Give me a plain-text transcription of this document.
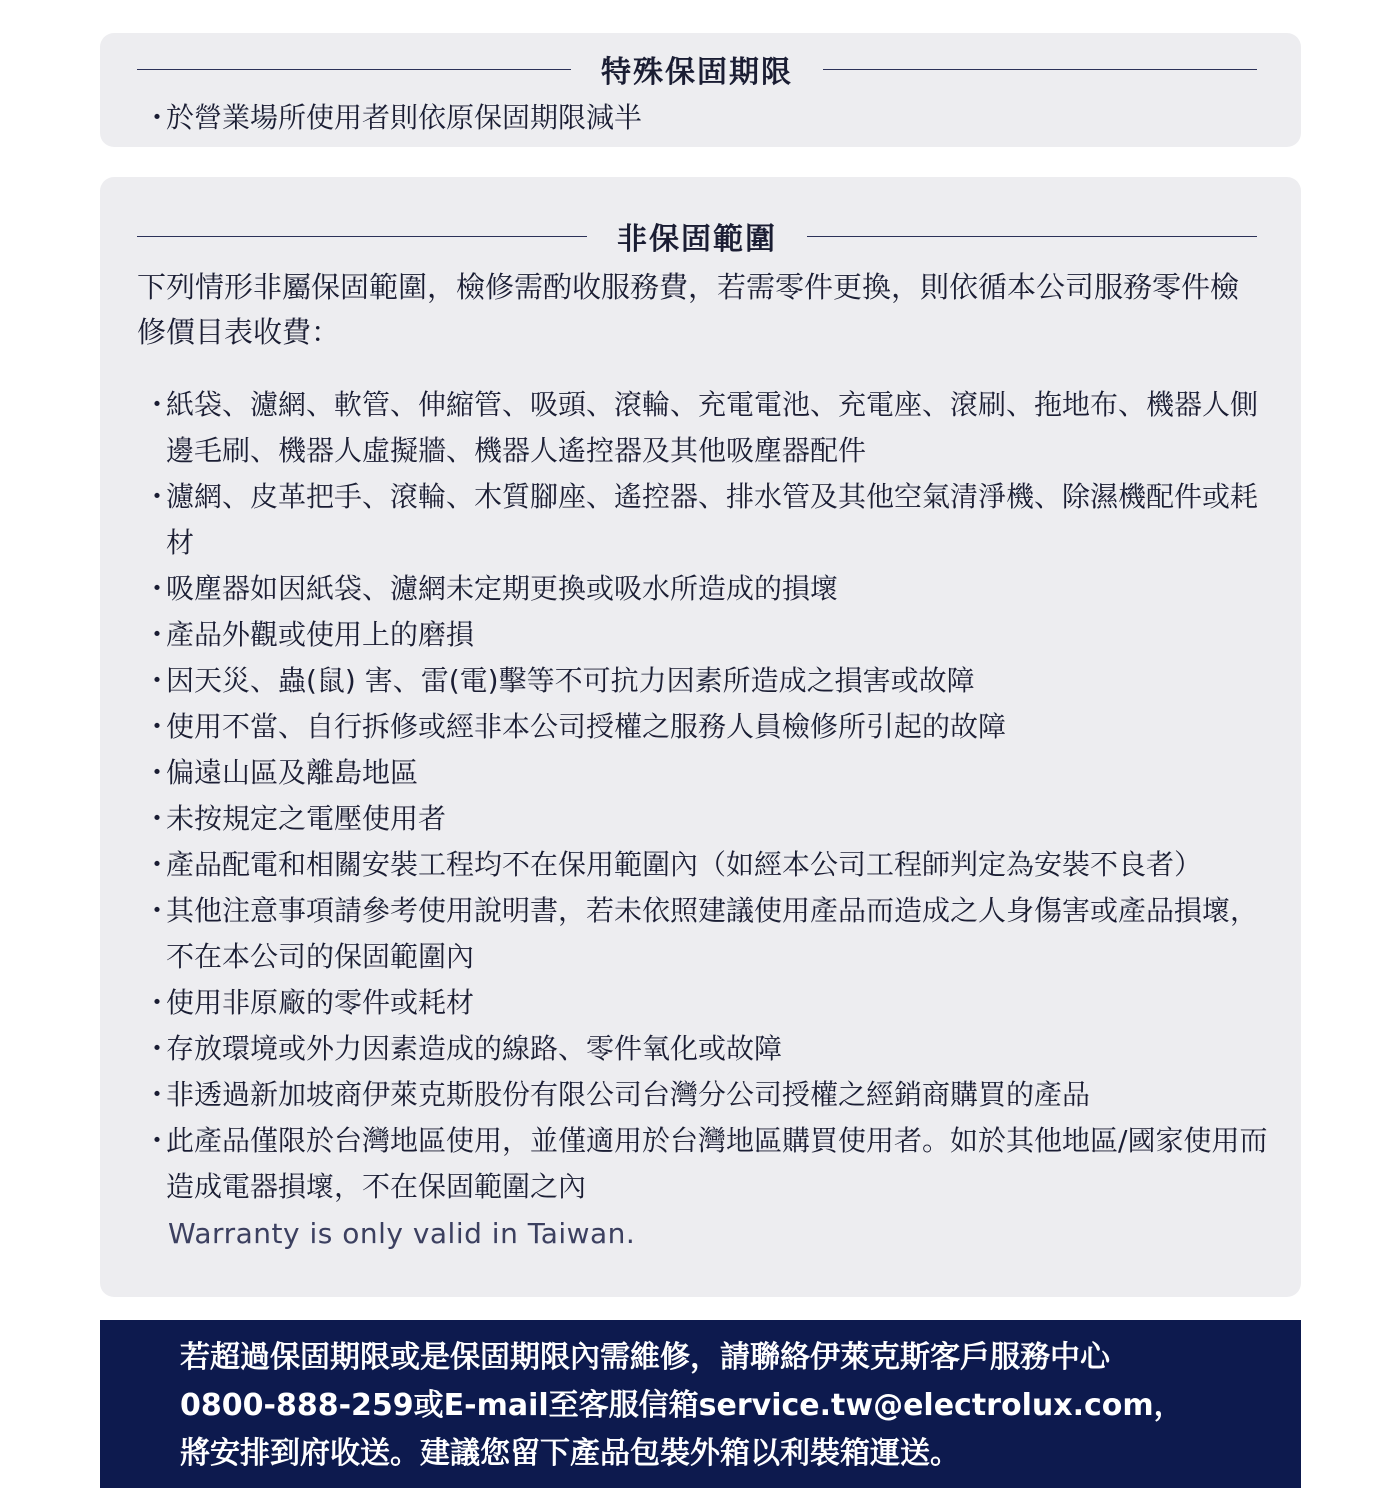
特殊保固期限
・
於營業場所使用者則依原保固期限減半
非保固範圍

下列情形非屬保固範圍，檢修需酌收服務費，若需零件更換，則依循本公司服務零件檢修價目表收費：

・
紙袋、濾網、軟管、伸縮管、吸頭、滾輪、充電電池、充電座、滾刷、拖地布、機器人側邊毛刷、機器人虛擬牆、機器人遙控器及其他吸塵器配件
・
濾網、皮革把手、滾輪、木質腳座、遙控器、排水管及其他空氣清淨機、除濕機配件或耗材
・
吸塵器如因紙袋、濾網未定期更換或吸水所造成的損壞
・
產品外觀或使用上的磨損
・
因天災、蟲(鼠) 害、雷(電)擊等不可抗力因素所造成之損害或故障
・
使用不當、自行拆修或經非本公司授權之服務人員檢修所引起的故障
・
偏遠山區及離島地區
・
未按規定之電壓使用者
・
產品配電和相關安裝工程均不在保用範圍內（如經本公司工程師判定為安裝不良者）
・
其他注意事項請參考使用說明書，若未依照建議使用產品而造成之人身傷害或產品損壞，不在本公司的保固範圍內
・
使用非原廠的零件或耗材
・
存放環境或外力因素造成的線路、零件氧化或故障
・
非透過新加坡商伊萊克斯股份有限公司台灣分公司授權之經銷商購買的產品
・
此產品僅限於台灣地區使用，並僅適用於台灣地區購買使用者。如於其他地區/國家使用而造成電器損壞，不在保固範圍之內
Warranty is only valid in Taiwan.

若超過保固期限或是保固期限內需維修，請聯絡伊萊克斯客戶服務中心

0800-888-259或E-mail至客服信箱service.tw@electrolux.com，

將安排到府收送。建議您留下產品包裝外箱以利裝箱運送。
